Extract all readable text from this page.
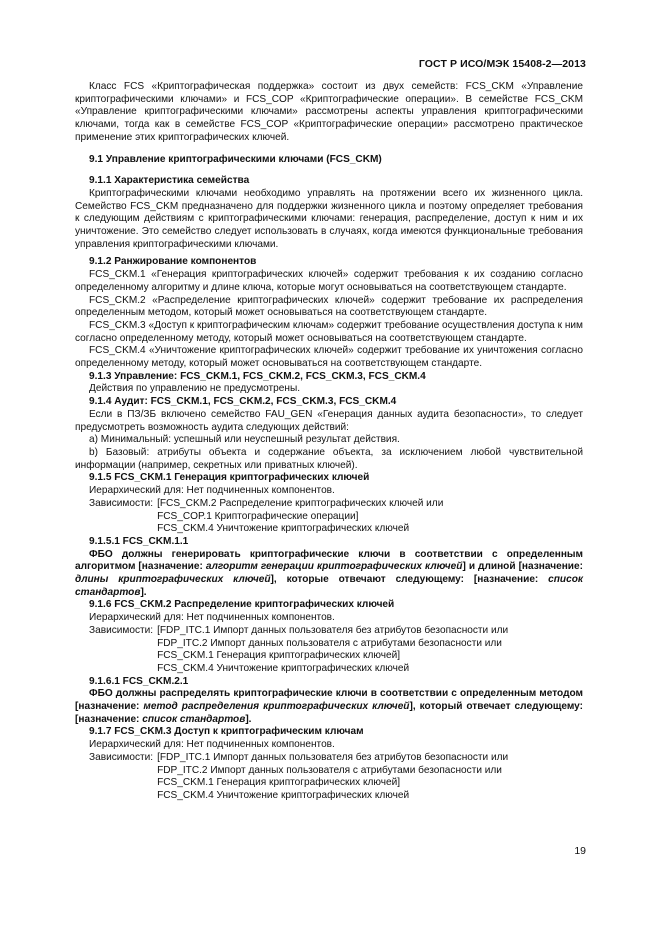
ГОСТ Р ИСО/МЭК 15408-2—2013
Класс FCS «Криптографическая поддержка» состоит из двух семейств: FCS_CKM «Управление криптографическими ключами» и FCS_COP «Криптографические операции». В семействе FCS_CKM «Управление криптографическими ключами» рассмотрены аспекты управления криптографическими ключами, тогда как в семействе FCS_COP «Криптографические операции» рассмотрено практическое применение этих криптографических ключей.
9.1 Управление криптографическими ключами (FCS_CKM)
9.1.1 Характеристика семейства
Криптографическими ключами необходимо управлять на протяжении всего их жизненного цикла. Семейство FCS_CKM предназначено для поддержки жизненного цикла и поэтому определяет требования к следующим действиям с криптографическими ключами: генерация, распределение, доступ к ним и их уничтожение. Это семейство следует использовать в случаях, когда имеются функциональные требования управления криптографическими ключами.
9.1.2 Ранжирование компонентов
FCS_CKM.1 «Генерация криптографических ключей» содержит требования к их созданию согласно определенному алгоритму и длине ключа, которые могут основываться на соответствующем стандарте.
FCS_CKM.2 «Распределение криптографических ключей» содержит требование их распределения определенным методом, который может основываться на соответствующем стандарте.
FCS_CKM.3 «Доступ к криптографическим ключам» содержит требование осуществления доступа к ним согласно определенному методу, который может основываться на соответствующем стандарте.
FCS_CKM.4 «Уничтожение криптографических ключей» содержит требование их уничтожения согласно определенному методу, который может основываться на соответствующем стандарте.
9.1.3 Управление: FCS_CKM.1, FCS_CKM.2, FCS_CKM.3, FCS_CKM.4
Действия по управлению не предусмотрены.
9.1.4 Аудит: FCS_CKM.1, FCS_CKM.2, FCS_CKM.3, FCS_CKM.4
Если в ПЗ/ЗБ включено семейство FAU_GEN «Генерация данных аудита безопасности», то следует предусмотреть возможность аудита следующих действий:
a) Минимальный: успешный или неуспешный результат действия.
b) Базовый: атрибуты объекта и содержание объекта, за исключением любой чувствительной информации (например, секретных или приватных ключей).
9.1.5 FCS_CKM.1 Генерация криптографических ключей
Иерархический для: Нет подчиненных компонентов.
Зависимости: [FCS_CKM.2 Распределение криптографических ключей или
FCS_COP.1 Криптографические операции]
FCS_CKM.4 Уничтожение криптографических ключей
9.1.5.1 FCS_CKM.1.1
ФБО должны генерировать криптографические ключи в соответствии с определенным алгоритмом [назначение: алгоритм генерации криптографических ключей] и длиной [назначение: длины криптографических ключей], которые отвечают следующему: [назначение: список стандартов].
9.1.6 FCS_CKM.2 Распределение криптографических ключей
Иерархический для: Нет подчиненных компонентов.
Зависимости: [FDP_ITC.1 Импорт данных пользователя без атрибутов безопасности или
FDP_ITC.2 Импорт данных пользователя с атрибутами безопасности или
FCS_CKM.1 Генерация криптографических ключей]
FCS_CKM.4 Уничтожение криптографических ключей
9.1.6.1 FCS_CKM.2.1
ФБО должны распределять криптографические ключи в соответствии с определенным методом [назначение: метод распределения криптографических ключей], который отвечает следующему: [назначение: список стандартов].
9.1.7 FCS_CKM.3 Доступ к криптографическим ключам
Иерархический для: Нет подчиненных компонентов.
Зависимости: [FDP_ITC.1 Импорт данных пользователя без атрибутов безопасности или
FDP_ITC.2 Импорт данных пользователя с атрибутами безопасности или
FCS_CKM.1 Генерация криптографических ключей]
FCS_CKM.4 Уничтожение криптографических ключей
19
